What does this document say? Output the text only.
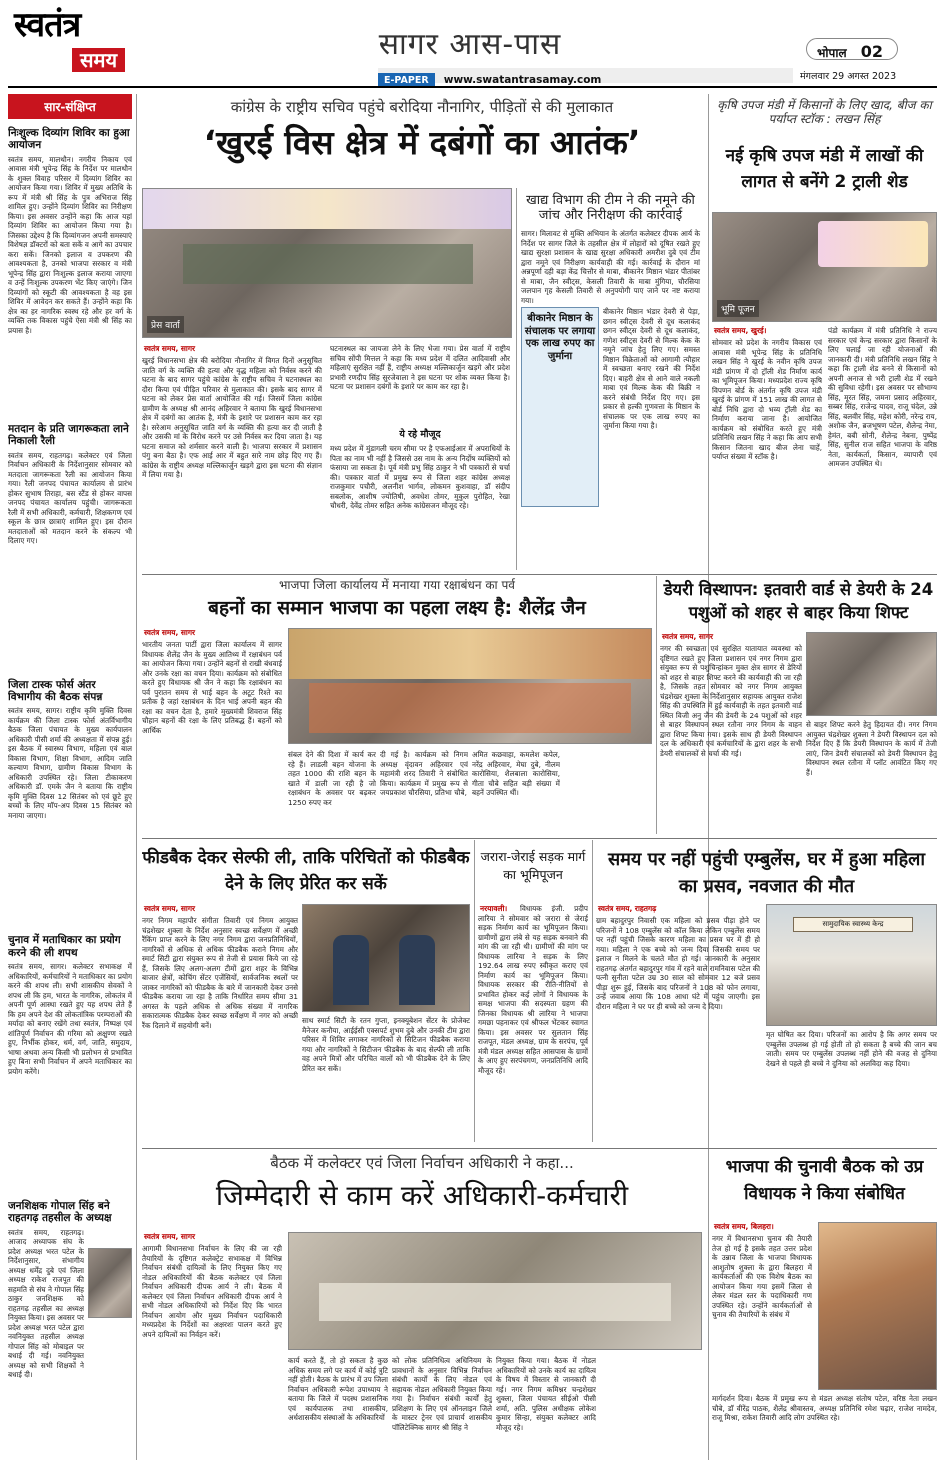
स्वतंत्र
समय	सागर आस-पास
E-PAPER www.swatantrasamay.com
भोपाल 02
मंगलवार 29 अगस्त 2023
सार-संक्षिप्त
निःशुल्क दिव्यांग शिविर का हुआ आयोजन
स्वतंत्र समय, मालथौन। नगरीय निकाय एवं आवास मंत्री भूपेन्द्र सिंह के निर्देश पर मालथौन के शुक्ल विवाह परिसर में दिव्यांग शिविर का आयोजन किया गया। शिविर में मुख्य अतिथि के रूप में मंत्री श्री सिंह के पुत्र अभिराज सिंह शामिल हुए। उन्होंने दिव्यांग शिविर का निरीक्षण किया। इस अवसर उन्होंने कहा कि आज यहां दिव्यांग शिविर का आयोजन किया गया है। जिसका उद्देश्य है कि दिव्यांगजन अपनी समस्याएं विशेषज्ञ डॉक्टरों को बता सकें व आगे का उपचार करा सकें। जिनको इलाज व उपकरण की आवश्यकता है, उनको भाजपा सरकार व मंत्री भूपेन्द्र सिंह द्वारा निःशुल्क इलाज कराया जाएगा व उन्हें निःशुल्क उपकरण भेंट किए जाएंगे। जिन दिव्यांगों को स्कूटी की आवश्यकता है वह इस शिविर में आवेदन कर सकते हैं। उन्होंने कहा कि क्षेत्र का हर नागरिक स्वस्थ रहे और हर वर्ग के व्यक्ति तक विकास पहुंचे ऐसा मंत्री श्री सिंह का प्रयास है।
मतदान के प्रति जागरूकता लाने निकाली रैली
स्वतंत्र समय, राहतगढ़। कलेक्टर एवं जिला निर्वाचन अधिकारी के निर्देशानुसार सोमवार को मतदाता जागरूकता रैली का आयोजन किया गया। रैली जनपद पंचायत कार्यालय से प्रारंभ होकर सुभाष तिराहा, बस स्टैंड से होकर वापस जनपद पंचायत कार्यालय पहुंची। जागरूकता रैली में सभी अधिकारी, कर्मचारी, शिक्षकगण एवं स्कूल के छात्र छात्राएं शामिल हुए। इस दौरान मतदाताओं को मतदान करने के संकल्प भी दिलाए गए।
जिला टास्क फोर्स अंतर विभागीय की बैठक संपन्न
स्वतंत्र समय, सागर। राष्ट्रीय कृमि मुक्ति दिवस कार्यक्रम की जिला टास्क फोर्स अंतर्विभागीय बैठक जिला पंचायत के मुख्य कार्यपालन अधिकारी पीसी शर्मा की अध्यक्षता में संपन्न हुई। इस बैठक में स्वास्थ्य विभाग, महिला एवं बाल विकास विभाग, शिक्षा विभाग, आदिम जाति कल्याण विभाग, ग्रामीण विकास विभाग के अधिकारी उपस्थित रहे। जिला टीकाकरण अधिकारी डॉ. एमके जैन ने बताया कि राष्ट्रीय कृमि मुक्ति दिवस 12 सितंबर को एवं छूटे हुए बच्चों के लिए मॉप-अप दिवस 15 सितंबर को मनाया जाएगा।
चुनाव में मताधिकार का प्रयोग करने की ली शपथ
स्वतंत्र समय, सागर। कलेक्टर सभाकक्ष में अधिकारियों, कर्मचारियों ने मताधिकार का प्रयोग करने की शपथ ली। सभी शासकीय सेवकों ने शपथ ली कि हम, भारत के नागरिक, लोकतंत्र में अपनी पूर्ण आस्था रखते हुए यह शपथ लेते हैं कि हम अपने देश की लोकतांत्रिक परम्पराओं की मर्यादा को बनाए रखेंगे तथा स्वतंत्र, निष्पक्ष एवं शांतिपूर्ण निर्वाचन की गरिमा को अक्षुण्ण रखते हुए, निर्भीक होकर, धर्म, वर्ग, जाति, समुदाय, भाषा अथवा अन्य किसी भी प्रलोभन से प्रभावित हुए बिना सभी निर्वाचन में अपने मताधिकार का प्रयोग करेंगे।
जनशिक्षक गोपाल सिंह बने राहतगढ़ तहसील के अध्यक्ष
स्वतंत्र समय, राहतगढ़। आजाद अध्यापक संघ के प्रदेश अध्यक्ष भरत पटेल के निर्देशानुसार, संभागीय अध्यक्ष धर्मेंद्र दुबे एवं जिला अध्यक्ष राकेश राजपूत की सहमति से संघ ने गोपाल सिंह ठाकुर जनशिक्षक को राहतगढ़ तहसील का अध्यक्ष नियुक्त किया। इस अवसर पर प्रदेश अध्यक्ष भरत पटेल द्वारा नवनियुक्त तहसील अध्यक्ष गोपाल सिंह को मोबाइल पर बधाई दी गई। नवनियुक्त अध्यक्ष को सभी शिक्षकों ने बधाई दी।
कांग्रेस के राष्ट्रीय सचिव पहुंचे बरोदिया नौनागिर, पीड़ितों से की मुलाकात
‘खुरई विस क्षेत्र में दबंगों का आतंक’
प्रेस वार्ता
स्वतंत्र समय, सागर
खुरई विधानसभा क्षेत्र की बरोदिया नौनागिर में विगत दिनों अनुसूचित जाति वर्ग के व्यक्ति की हत्या और वृद्ध महिला को निर्वस्त्र करने की घटना के बाद सागर पहुंचे कांग्रेस के राष्ट्रीय सचिव ने घटनास्थल का दौरा किया एवं पीड़ित परिवार से मुलाकात की। इसके बाद सागर में घटना को लेकर प्रेस वार्ता आयोजित की गई। जिसमें जिला कांग्रेस ग्रामीण के अध्यक्ष श्री आनंद अहिरवार ने बताया कि खुरई विधानसभा क्षेत्र में दबंगों का आतंक है, मंत्री के इशारे पर प्रशासन काम कर रहा है। सरेआम अनुसूचित जाति वर्ग के व्यक्ति की हत्या कर दी जाती है और उसकी मां के विरोध करने पर उसे निर्वस्त्र कर दिया जाता है। यह घटना समाज को शर्मसार करने वाली है। भाजपा सरकार में प्रशासन पंगु बना बैठा है। एफ आई आर में बहुत सारे नाम छोड़ दिए गए हैं। कांग्रेस के राष्ट्रीय अध्यक्ष मल्लिकार्जुन खड़गे द्वारा इस घटना की संज्ञान में लिया गया है।
घटनास्थल का जायजा लेने के लिए भेजा गया। प्रेस वार्ता में राष्ट्रीय सचिव सोंपी मित्तल ने कहा कि मध्य प्रदेश में दलित आदिवासी और महिलाएं सुरक्षित नहीं हैं, राष्ट्रीय अध्यक्ष मल्लिकार्जुन खड़गे और प्रदेश प्रभारी रणदीप सिंह सुरजेवाला ने इस घटना पर शोक व्यक्त किया है। घटना पर प्रशासन दबंगों के इशारे पर काम कर रहा है।
ये रहे मौजूद
मध्य प्रदेश में मुंडागली चरम सीमा पर है एफआईआर में अपराधियों के पिता का नाम भी नहीं है जिससे उस नाम के अन्य निर्दोष व्यक्तियों को फंसाया जा सकता है। पूर्व मंत्री प्रभु सिंह ठाकुर ने भी पत्रकारों से चर्चा की। पत्रकार वार्ता में प्रमुख रूप से जिला शहर कांग्रेस अध्यक्ष राजकुमार पचौरी, अलनीश भार्गव, लोकमन कुशवाहा, डॉ संदीप सबलोक, आशीष ज्योतिषी, अवधेश तोमर, मुकुल पुरोहित, रेखा चौधरी, देवेंद्र तोमर सहित अनेक कांग्रेसजन मौजूद रहे।
खाद्य विभाग की टीम ने की नमूने की जांच और निरीक्षण की कार्रवाई
सागर। मिलावट से मुक्ति अभियान के अंतर्गत कलेक्टर दीपक आर्य के निर्देश पर सागर जिले के तहसील क्षेत्र में लोहारों को दूषित रखते हुए खाद्य सुरक्षा प्रशासन के खाद्य सुरक्षा अधिकारी अमरीश दुबे एवं टीम द्वारा नमूने एवं निरीक्षण कार्यवाही की गई। कार्रवाई के दौरान मां अन्नपूर्णा दही बड़ा केंद्र चित्तौर से माबा, बीकानेर मिष्ठान भंडार पीतांबर से माबा, जैन स्वीट्स, केसली तिवारी के माबा मुंगिया, चौरसिया जलपान गृह केसली तिवारी से अनुपयोगी पाए जाने पर नष्ट कराया गया।
बीकानेर मिष्ठान के संचालक पर लगाया एक लाख रुपए का जुर्माना
बीकानेर मिष्ठान भंडार देवरी से पेड़ा, छगन स्वीट्स देवरी से दूध कलाकंद छगन स्वीट्स देवरी से दूध कलाकंद, गणेश स्वीट्स देवरी से मिल्क केक के नमूने जांच हेतु लिए गए। समस्त मिष्ठान विक्रेताओं को आगामी त्यौहार में स्वच्छता बनाए रखने की निर्देश दिए। बाहरी क्षेत्र से आने वाले नकली माबा एवं मिल्क केक की बिक्री न करने संबंधी निर्देश दिए गए। इस प्रकार से हल्की गुणवत्ता के मिष्ठान के संचालक पर एक लाख रुपए का जुर्माना किया गया है।
कृषि उपज मंडी में किसानों के लिए खाद, बीज का पर्याप्त स्टॉक : लखन सिंह
नई कृषि उपज मंडी में लाखों की लागत से बनेंगे 2 ट्राली शेड
भूमि पूजन
स्वतंत्र समय, खुरई।
सोमवार को प्रदेश के नगरीय विकास एवं आवास मंत्री भूपेन्द्र सिंह के प्रतिनिधि लखन सिंह ने खुरई के नवीन कृषि उपज मंडी प्रांगण में दो ट्रॉली शेड निर्माण कार्य का भूमिपूजन किया। मध्यप्रदेश राज्य कृषि विपणन बोर्ड के अंतर्गत कृषि उपज मंडी खुरई के प्रांगण में 151 लाख की लागत से बोर्ड निधि द्वारा दो भव्य ट्रॉली शेड का निर्माण कराया जाना है। आयोजित कार्यक्रम को संबोधित करते हुए मंत्री प्रतिनिधि लखन सिंह ने कहा कि आप सभी किसान जितना खाद बीज लेना चाहें, पर्याप्त संख्या में स्टॉक है।
पंडो कार्यक्रम में मंत्री प्रतिनिधि ने राज्य सरकार एवं केन्द्र सरकार द्वारा किसानों के लिए चलाई जा रही योजनाओं की जानकारी दी। मंत्री प्रतिनिधि लखन सिंह ने कहा कि ट्राली शेड बनने से किसानों को अपनी अनाज से भरी ट्राली शेड में रखने की सुविधा रहेगी। इस अवसर पर सौभाग्य सिंह, मूरत सिंह, जमना प्रसाद अहिरवार, सब्बर सिंह, राजेन्द्र यादव, राजू चंदेल, उन्ने सिंह, बलवीर सिंह, महेश कोरी, नरेन्द्र राय, अशोक जैन, ब्रजभूषण पटेल, शैलेन्द्र नेमा, हेमंत, बबी सोनी, शैलेन्द्र नेबना, पुष्पेंद्र सिंह, सुनील राज सहित भाजपा के वरिष्ठ नेता, कार्यकर्ता, किसान, व्यापारी एवं आमजन उपस्थित थे।
भाजपा जिला कार्यालय में मनाया गया रक्षाबंधन का पर्व
बहनों का सम्मान भाजपा का पहला लक्ष्य है: शैलेंद्र जैन
स्वतंत्र समय, सागर
भारतीय जनता पार्टी द्वारा जिला कार्यालय में सागर विधायक शैलेंद्र जैन के मुख्य आतिथ्य में रक्षाबंधन पर्व का आयोजन किया गया। उन्होंने बहनों से राखी बंधवाई और उनके रक्षा का वचन दिया। कार्यक्रम को संबोधित करते हुए विधायक श्री जैन ने कहा कि रक्षाबंधन का पर्व पुरातन समय से भाई बहन के अटूट रिश्ते का प्रतीक है जहां रक्षाबंधन के दिन भाई अपनी बहन की रक्षा का वचन देता है, हमारे मुख्यमंत्री शिवराज सिंह चौहान बहनों की रक्षा के लिए प्रतिबद्ध हैं। बहनों को आर्थिक
संबल देने की दिशा में कार्य कर रहे हैं। लाडली बहन योजना के तहत 1000 की राशि बहन के खाते में डाली जा रही है जो रक्षाबंधन के अवसर पर बढ़कर 1250 रुपए कर
दी गई है। कार्यक्रम को निगम अध्यक्ष वृंदावन अहिरवार एवं महामंत्री शरद तिवारी ने संबोधित किया। कार्यक्रम में प्रमुख रूप से जयप्रकाश चौरसिया, प्रतिभा चौबे,
अमित कछवाहा, कमलेश कपेल, नरेंद्र अहिरवार, मेघा दुबे, नीलम कारोसिया, शैलबाला कारोसिया, गीता चौबे सहित बड़ी संख्या में बहनें उपस्थित थीं।
डेयरी विस्थापन: इतवारी वार्ड से डेयरी के 24 पशुओं को शहर से बाहर किया शिफ्ट
स्वतंत्र समय, सागर
नगर की स्वच्छता एवं सुरक्षित यातायात व्यवस्था को दृष्टिगत रखते हुए जिला प्रशासन एवं नगर निगम द्वारा संयुक्त रूप से पशुचिन्हांकन मुक्त क्षेत्र सागर से डेरियों को शहर से बाहर शिफ्ट करने की कार्यवाही की जा रही है, जिसके तहत सोमवार को नगर निगम आयुक्त चंद्रशेखर शुक्ला के निर्देशानुसार सहायक आयुक्त राजेश सिंह की उपस्थिति में हुई कार्यवाही के तहत इतवारी वार्ड स्थित विजी अनु जैन की डेयरी के 24 पशुओं को शहर से बाहर विस्थापन स्थल रतौना नगर निगम के वाहन द्वारा शिफ्ट किया गया। इसके साथ ही डेयरी विस्थापन दल के अधिकारी एवं कर्मचारियों के द्वारा शहर के सभी डेयरी संचालकों से चर्चा की गई।
से बाहर शिफ्ट करने हेतु हिदायत दी। नगर निगम आयुक्त चंद्रशेखर शुक्ला ने डेयरी विस्थापन दल को निर्देश दिए हैं कि डेयरी विस्थापन के कार्य में तेजी लाएं, जिन डेयरी संचालकों को डेयरी विस्थापन हेतु विस्थापन स्थल रतौना में प्लॉट आवंटित किए गए हैं।
फीडबैक देकर सेल्फी ली, ताकि परिचितों को फीडबैक देने के लिए प्रेरित कर सकें
स्वतंत्र समय, सागर
नगर निगम महापौर संगीता तिवारी एवं निगम आयुक्त चंद्रशेखर शुक्ला के निर्देश अनुसार स्वच्छ सर्वेक्षण में अच्छी रैंकिंग प्राप्त करने के लिए नगर निगम द्वारा जनप्रतिनिधियों, नागरिकों से अधिक से अधिक फीडबैक कराने निगम और स्मार्ट सिटी द्वारा संयुक्त रूप से तेजी से प्रयास किये जा रहे हैं, जिसके लिए अलग-अलग टीमों द्वारा शहर के विभिन्न बाजार क्षेत्रों, कोचिंग सेंटर एजेंसियों, सार्वजनिक स्थलों पर जाकर नागरिकों को फीडबैक के बारे में जानकारी देकर उनसे फीडबैक कराया जा रहा है ताकि निर्धारित समय सीमा 31 अगस्त के पहले अधिक से अधिक संख्या में नागरिक सकारात्मक फीडबैक देकर स्वच्छ सर्वेक्षण में नगर को अच्छी रैंक दिलाने में सहयोगी बनें।	साथ स्मार्ट सिटी के रतन गुप्ता, इनक्यूबेशन सेंटर के प्रोजेक्ट मैनेजर कनौया, आईईसी एक्सपर्ट शुभम दुबे और उनकी टीम द्वारा परिसर में शिविर लगाकर नागरिकों से सिटिजन फीडबैक कराया गया और नागरिकों ने सिटीजन फीडबैक के बाद सेल्फी ली ताकि वह अपने मित्रों और परिचित वालों को भी फीडबैक देने के लिए प्रेरित कर सकें।
जरारा-जेराई सड़क मार्ग का भूमिपूजन
नरयावली।	विधायक इंजी. प्रदीप लारिया ने सोमवार को जरारा से जेराई सड़क निर्माण कार्य का भूमिपूजन किया। ग्रामीणों द्वारा लंबे से यह सड़क बनवाने की मांग की जा रही थी। ग्रामीणों की मांग पर विधायक लारिया ने सड़क के लिए 192.64 लाख रुपए स्वीकृत कराए एवं निर्माण कार्य का भूमिपूजन किया। विधायक सरकार की रीति-नीतियों से प्रभावित होकर कई लोगों ने विधायक के समक्ष भाजपा की सदस्यता ग्रहण की जिनका विधायक श्री लारिया ने भाजपा गमछा पहनाकर एवं श्रीफल भेंटकर स्वागत किया। इस अवसर पर सुलतान सिंह राजपूत, मंडल अध्यक्ष, ग्राम के सरपंच, पूर्व मंत्री मंडल अध्यक्ष सहित आसपास के ग्रामों के आए हुए सरपंचगण, जनप्रतिनिधि आदि मौजूद रहे।
समय पर नहीं पहुंची एम्बुलेंस, घर में हुआ महिला का प्रसव, नवजात की मौत
स्वतंत्र समय, राहतगढ़
ग्राम बहादुरपुर निवासी एक महिला को प्रसव पीड़ा होने पर परिजनों ने 108 एम्बुलेंस को कॉल किया लेकिन एम्बुलेंस समय पर नहीं पहुंची जिसके कारण महिला का प्रसव घर में ही हो गया। महिला ने एक बच्चे को जन्म दिया जिसकी समय पर इलाज न मिलने के चलते मौत हो गई। जानकारी के अनुसार राहतगढ़ अंतर्गत बहादुरपुर गांव में रहने वाले रामनिवास पटेल की पत्नी सुनीता पटेल उम्र 30 साल को सोमवार 12 बजे प्रसव पीड़ा शुरू हुई, जिसके बाद परिजनों ने 108 को फोन लगाया, उन्हें जवाब आया कि 108 आधा घंटे में पहुंच जाएगी। इस दौरान महिला ने घर पर ही बच्चे को जन्म दे दिया।
सामुदायिक स्वास्थ्य केन्द्र
मृत घोषित कर दिया। परिजनों का आरोप है कि अगर समय पर एम्बुलेंस उपलब्ध हो गई होती तो हो सकता है बच्चे की जान बच जाती। समय पर एम्बुलेंस उपलब्ध नहीं होने की वजह से दुनिया देखने से पहले ही बच्चे ने दुनिया को अलविदा कह दिया।
बैठक में कलेक्टर एवं जिला निर्वाचन अधिकारी ने कहा...
जिम्मेदारी से काम करें अधिकारी-कर्मचारी
स्वतंत्र समय, सागर
आगामी विधानसभा निर्वाचन के लिए की जा रही तैयारियों के दृष्टिगत कलेक्ट्रेट सभाकक्ष में विभिन्न निर्वाचन संबंधी दायित्वों के लिए नियुक्त किए गए नोडल अधिकारियों की बैठक कलेक्टर एवं जिला निर्वाचन अधिकारी दीपक आर्य ने ली। बैठक में कलेक्टर एवं जिला निर्वाचन अधिकारी दीपक आर्य ने सभी नोडल अधिकारियों को निर्देश दिए कि भारत निर्वाचन आयोग और मुख्य निर्वाचन पदाधिकारी मध्यप्रदेश के निर्देशों का अक्षरशः पालन करते हुए अपने दायित्वों का निर्वहन करें।
कार्य करते हैं, तो हो सकता है कुछ अधिक समय लगे पर कार्य में कोई त्रुटि नहीं होती। बैठक के प्रारंभ में उप जिला निर्वाचन अधिकारी रूपेश उपाध्याय ने बताया कि जिले में पदस्थ प्रशासनिक एवं कार्यपालक तथा शासकीय, अर्धशासकीय संस्थाओं के अधिकारियों
को लोक प्रतिनिधित्व अधिनियम के प्रावधानों के अनुसार विभिन्न निर्वाचन संबंधी कार्यों के लिए नोडल एवं सहायक नोडल अधिकारी नियुक्त किया गया है। निर्वाचन संबंधी कार्यों हेतु प्रशिक्षण के लिए एवं ऑनलाइन जिले के मास्टर ट्रेनर एवं प्राचार्य शासकीय पॉलिटेक्निक सागर श्री सिंह ने
नियुक्त किया गया। बैठक में नोडल अधिकारियों को उनके कार्य का दायित्व के विषय में विस्तार से जानकारी दी गई। नगर निगम कमिश्नर चन्द्रशेखर शुक्ला, जिला पंचायत सीईओ पीसी शर्मा, अति. पुलिस अधीक्षक लोकेश कुमार सिन्हा, संयुक्त कलेक्टर आदि मौजूद रहे।
भाजपा की चुनावी बैठक को उप्र विधायक ने किया संबोधित
स्वतंत्र समय, बिलहरा।
नगर में विधानसभा चुनाव की तैयारी तेज हो गई है इसके तहत उत्तर प्रदेश के उन्नाव जिला के भाजपा विधायक आशुतोष शुक्ला के द्वारा बिलहरा में कार्यकर्ताओं की एक विशेष बैठक का आयोजन किया गया इसमें जिला से लेकर मंडल स्तर के पदाधिकारी गण उपस्थित रहे। उन्होंने कार्यकर्ताओं से चुनाव की तैयारियों के संबंध में
मार्गदर्शन दिया। बैठक में प्रमुख रूप से मंडल अध्यक्ष संतोष पटेल, वरिष्ठ नेता लखन चौबे, डॉ वीरेंद्र पाठक, शैलेंद्र श्रीवास्तव, अध्यक्ष प्रतिनिधि रमेश चढ़ार, राजेश नामदेव, राजू मिश्रा, राकेश तिवारी आदि लोग उपस्थित रहे।
